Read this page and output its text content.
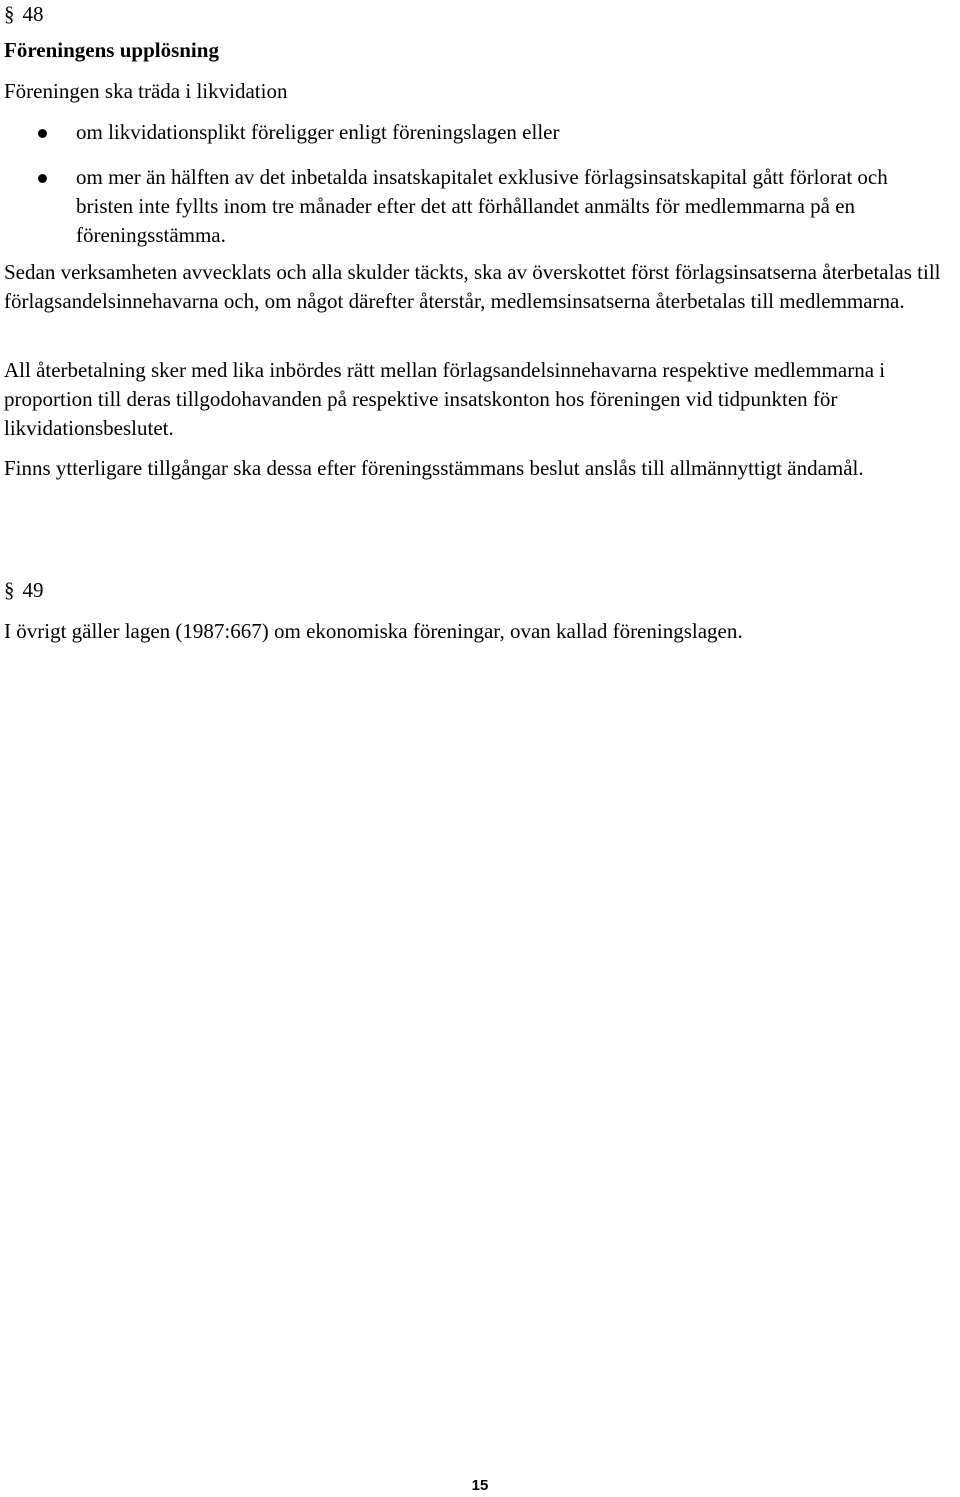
§ 48

Föreningens upplösning

Föreningen ska träda i likvidation

om likvidationsplikt föreligger enligt föreningslagen eller
om mer än hälften av det inbetalda insatskapitalet exklusive förlagsinsatskapital gått förlorat och bristen inte fyllts inom tre månader efter det att förhållandet anmälts för medlemmarna på en föreningsstämma.

Sedan verksamheten avvecklats och alla skulder täckts, ska av överskottet först förlagsinsatserna återbetalas till förlagsandelsinnehavarna och, om något därefter återstår, medlemsinsatserna återbetalas till medlemmarna.

All återbetalning sker med lika inbördes rätt mellan förlagsandelsinnehavarna respektive medlemmarna i proportion till deras tillgodohavanden på respektive insatskonton hos föreningen vid tidpunkten för likvidationsbeslutet.

Finns ytterligare tillgångar ska dessa efter föreningsstämmans beslut anslås till allmännyttigt ändamål.

§ 49

I övrigt gäller lagen (1987:667) om ekonomiska föreningar, ovan kallad föreningslagen.

15
